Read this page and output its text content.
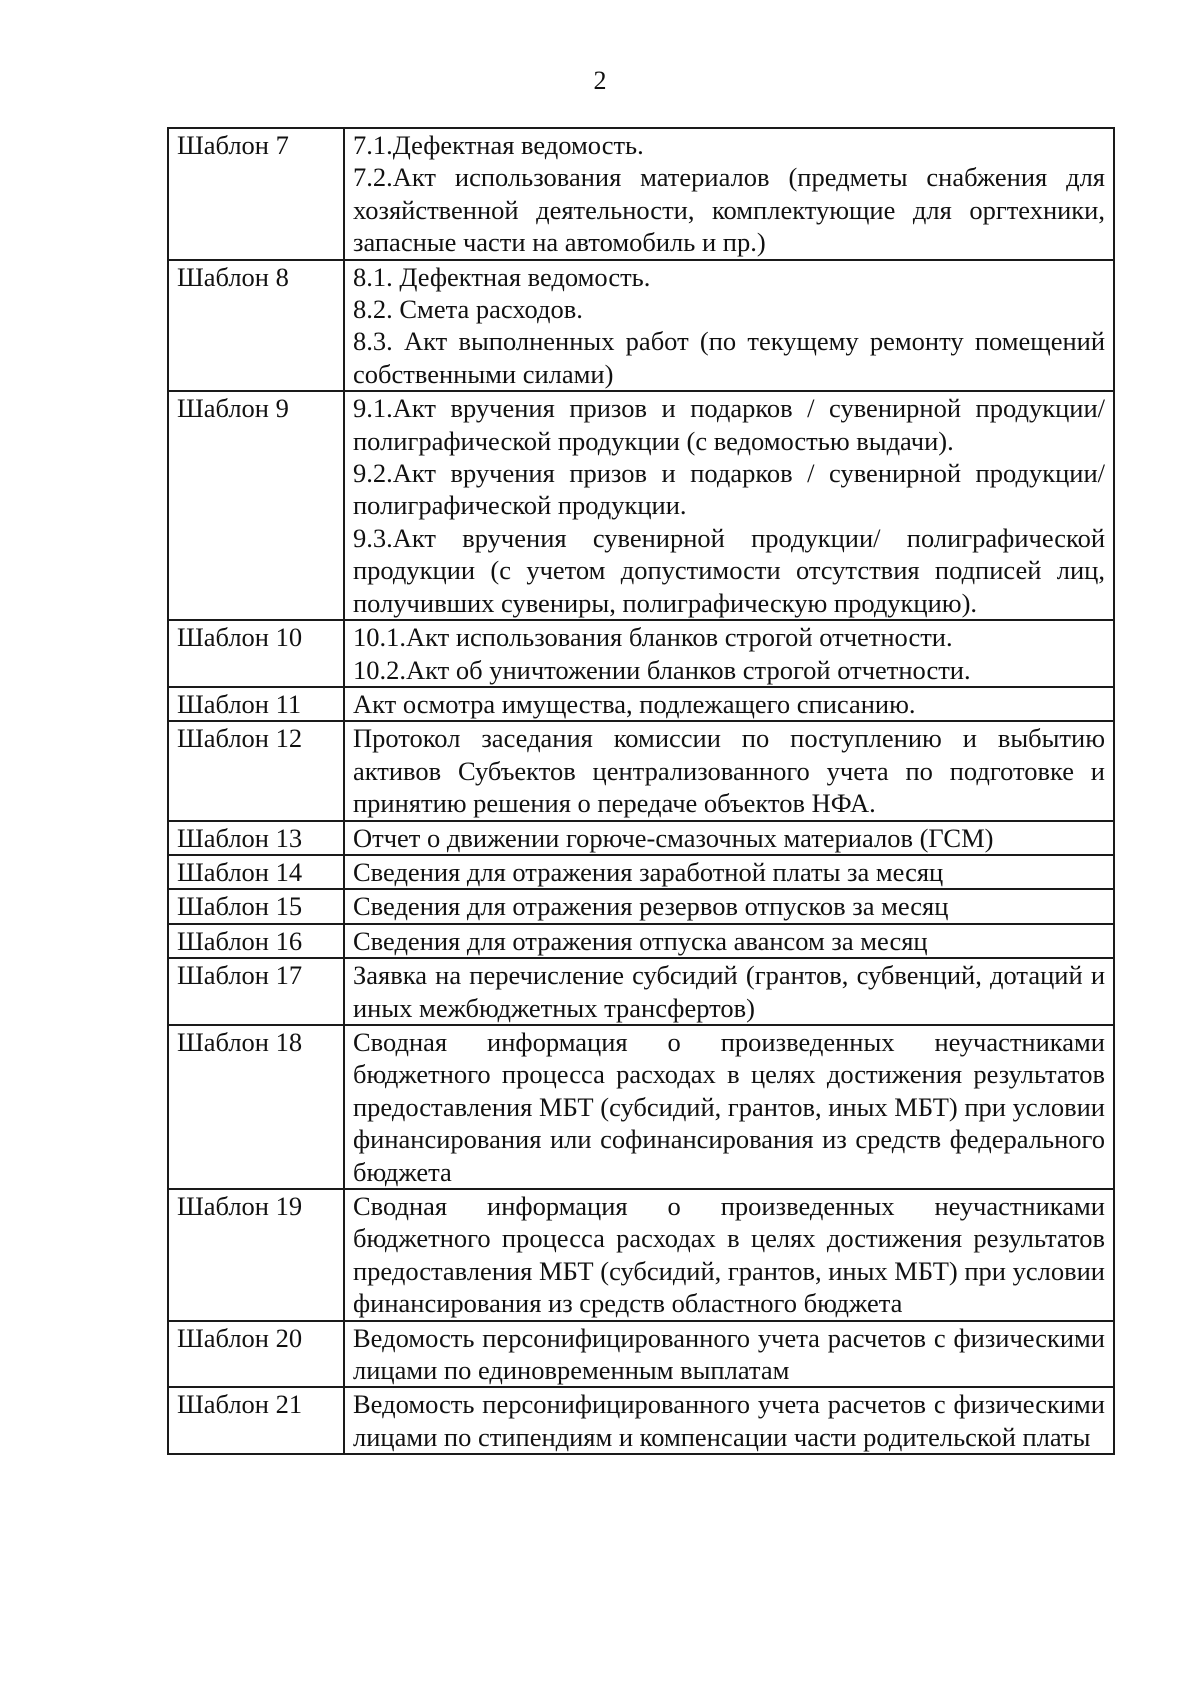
2
Шаблон 7	7.1.Дефектная ведомость.

7.2.Акт использования материалов (предметы снабжения для хозяйственной деятельности, комплектующие для оргтехники, запасные части на автомобиль и пр.)

Шаблон 8	8.1. Дефектная ведомость.

8.2. Смета расходов.

8.3. Акт выполненных работ (по текущему ремонту помещений собственными силами)

Шаблон 9	9.1.Акт вручения призов и подарков / сувенирной продукции/ полиграфической продукции (с ведомостью выдачи).

9.2.Акт вручения призов и подарков / сувенирной продукции/ полиграфической продукции.

9.3.Акт вручения сувенирной продукции/ полиграфической продукции (с учетом допустимости отсутствия подписей лиц, получивших сувениры, полиграфическую продукцию).

Шаблон 10	10.1.Акт использования бланков строгой отчетности.

10.2.Акт об уничтожении бланков строгой отчетности.

Шаблон 11	Акт осмотра имущества, подлежащего списанию.

Шаблон 12	Протокол заседания комиссии по поступлению и выбытию активов Субъектов централизованного учета по подготовке и принятию решения о передаче объектов НФА.

Шаблон 13	Отчет о движении горюче-смазочных материалов (ГСМ)

Шаблон 14	Сведения для отражения заработной платы за месяц

Шаблон 15	Сведения для отражения резервов отпусков за месяц

Шаблон 16	Сведения для отражения отпуска авансом за месяц

Шаблон 17	Заявка на перечисление субсидий (грантов, субвенций, дотаций и иных межбюджетных трансфертов)

Шаблон 18	Сводная информация о произведенных неучастниками бюджетного процесса расходах в целях достижения результатов предоставления МБТ (субсидий, грантов, иных МБТ) при условии финансирования или софинансирования из средств федерального бюджета

Шаблон 19	Сводная информация о произведенных неучастниками бюджетного процесса расходах в целях достижения результатов предоставления МБТ (субсидий, грантов, иных МБТ) при условии финансирования из средств областного бюджета

Шаблон 20	Ведомость персонифицированного учета расчетов с физическими лицами по единовременным выплатам

Шаблон 21	Ведомость персонифицированного учета расчетов с физическими лицами по стипендиям и компенсации части родительской платы
